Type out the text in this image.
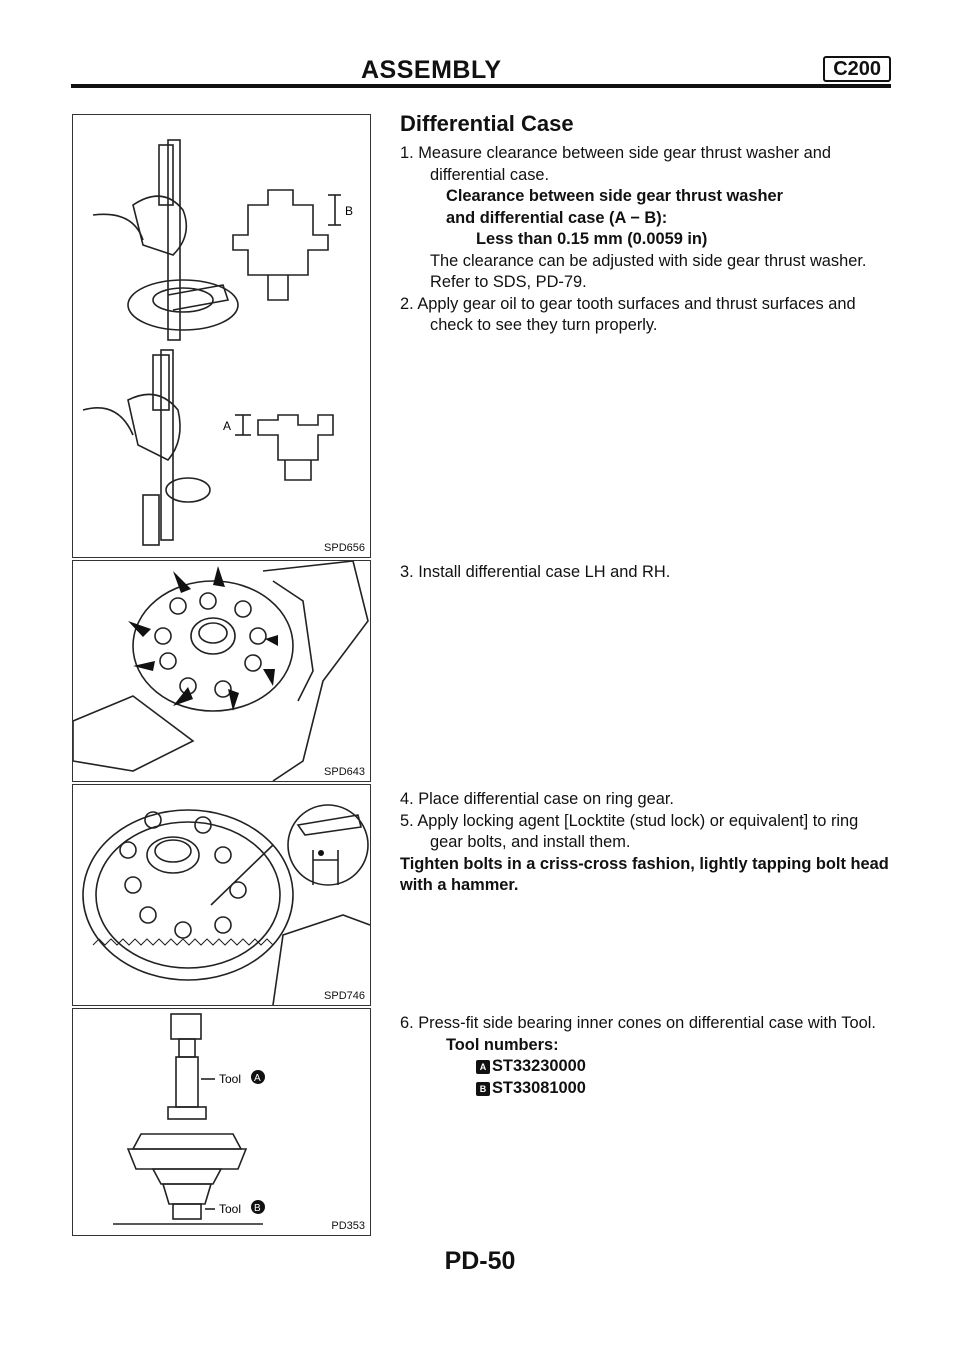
ASSEMBLY	C200
B
A
SPD656
SPD643
SPD746
Tool A
Tool B
PD353
Differential Case

1. Measure clearance between side gear thrust washer and differential case.

Clearance between side gear thrust washer

and differential case (A − B):

Less than 0.15 mm (0.0059 in)

The clearance can be adjusted with side gear thrust washer.

Refer to SDS, PD-79.

2. Apply gear oil to gear tooth surfaces and thrust surfaces and check to see they turn properly.

3. Install differential case LH and RH.

4. Place differential case on ring gear.

5. Apply locking agent [Locktite (stud lock) or equivalent] to ring gear bolts, and install them.

Tighten bolts in a criss-cross fashion, lightly tapping bolt head with a hammer.

6. Press-fit side bearing inner cones on differential case with Tool.

Tool numbers:

A ST33230000

B ST33081000

PD-50
